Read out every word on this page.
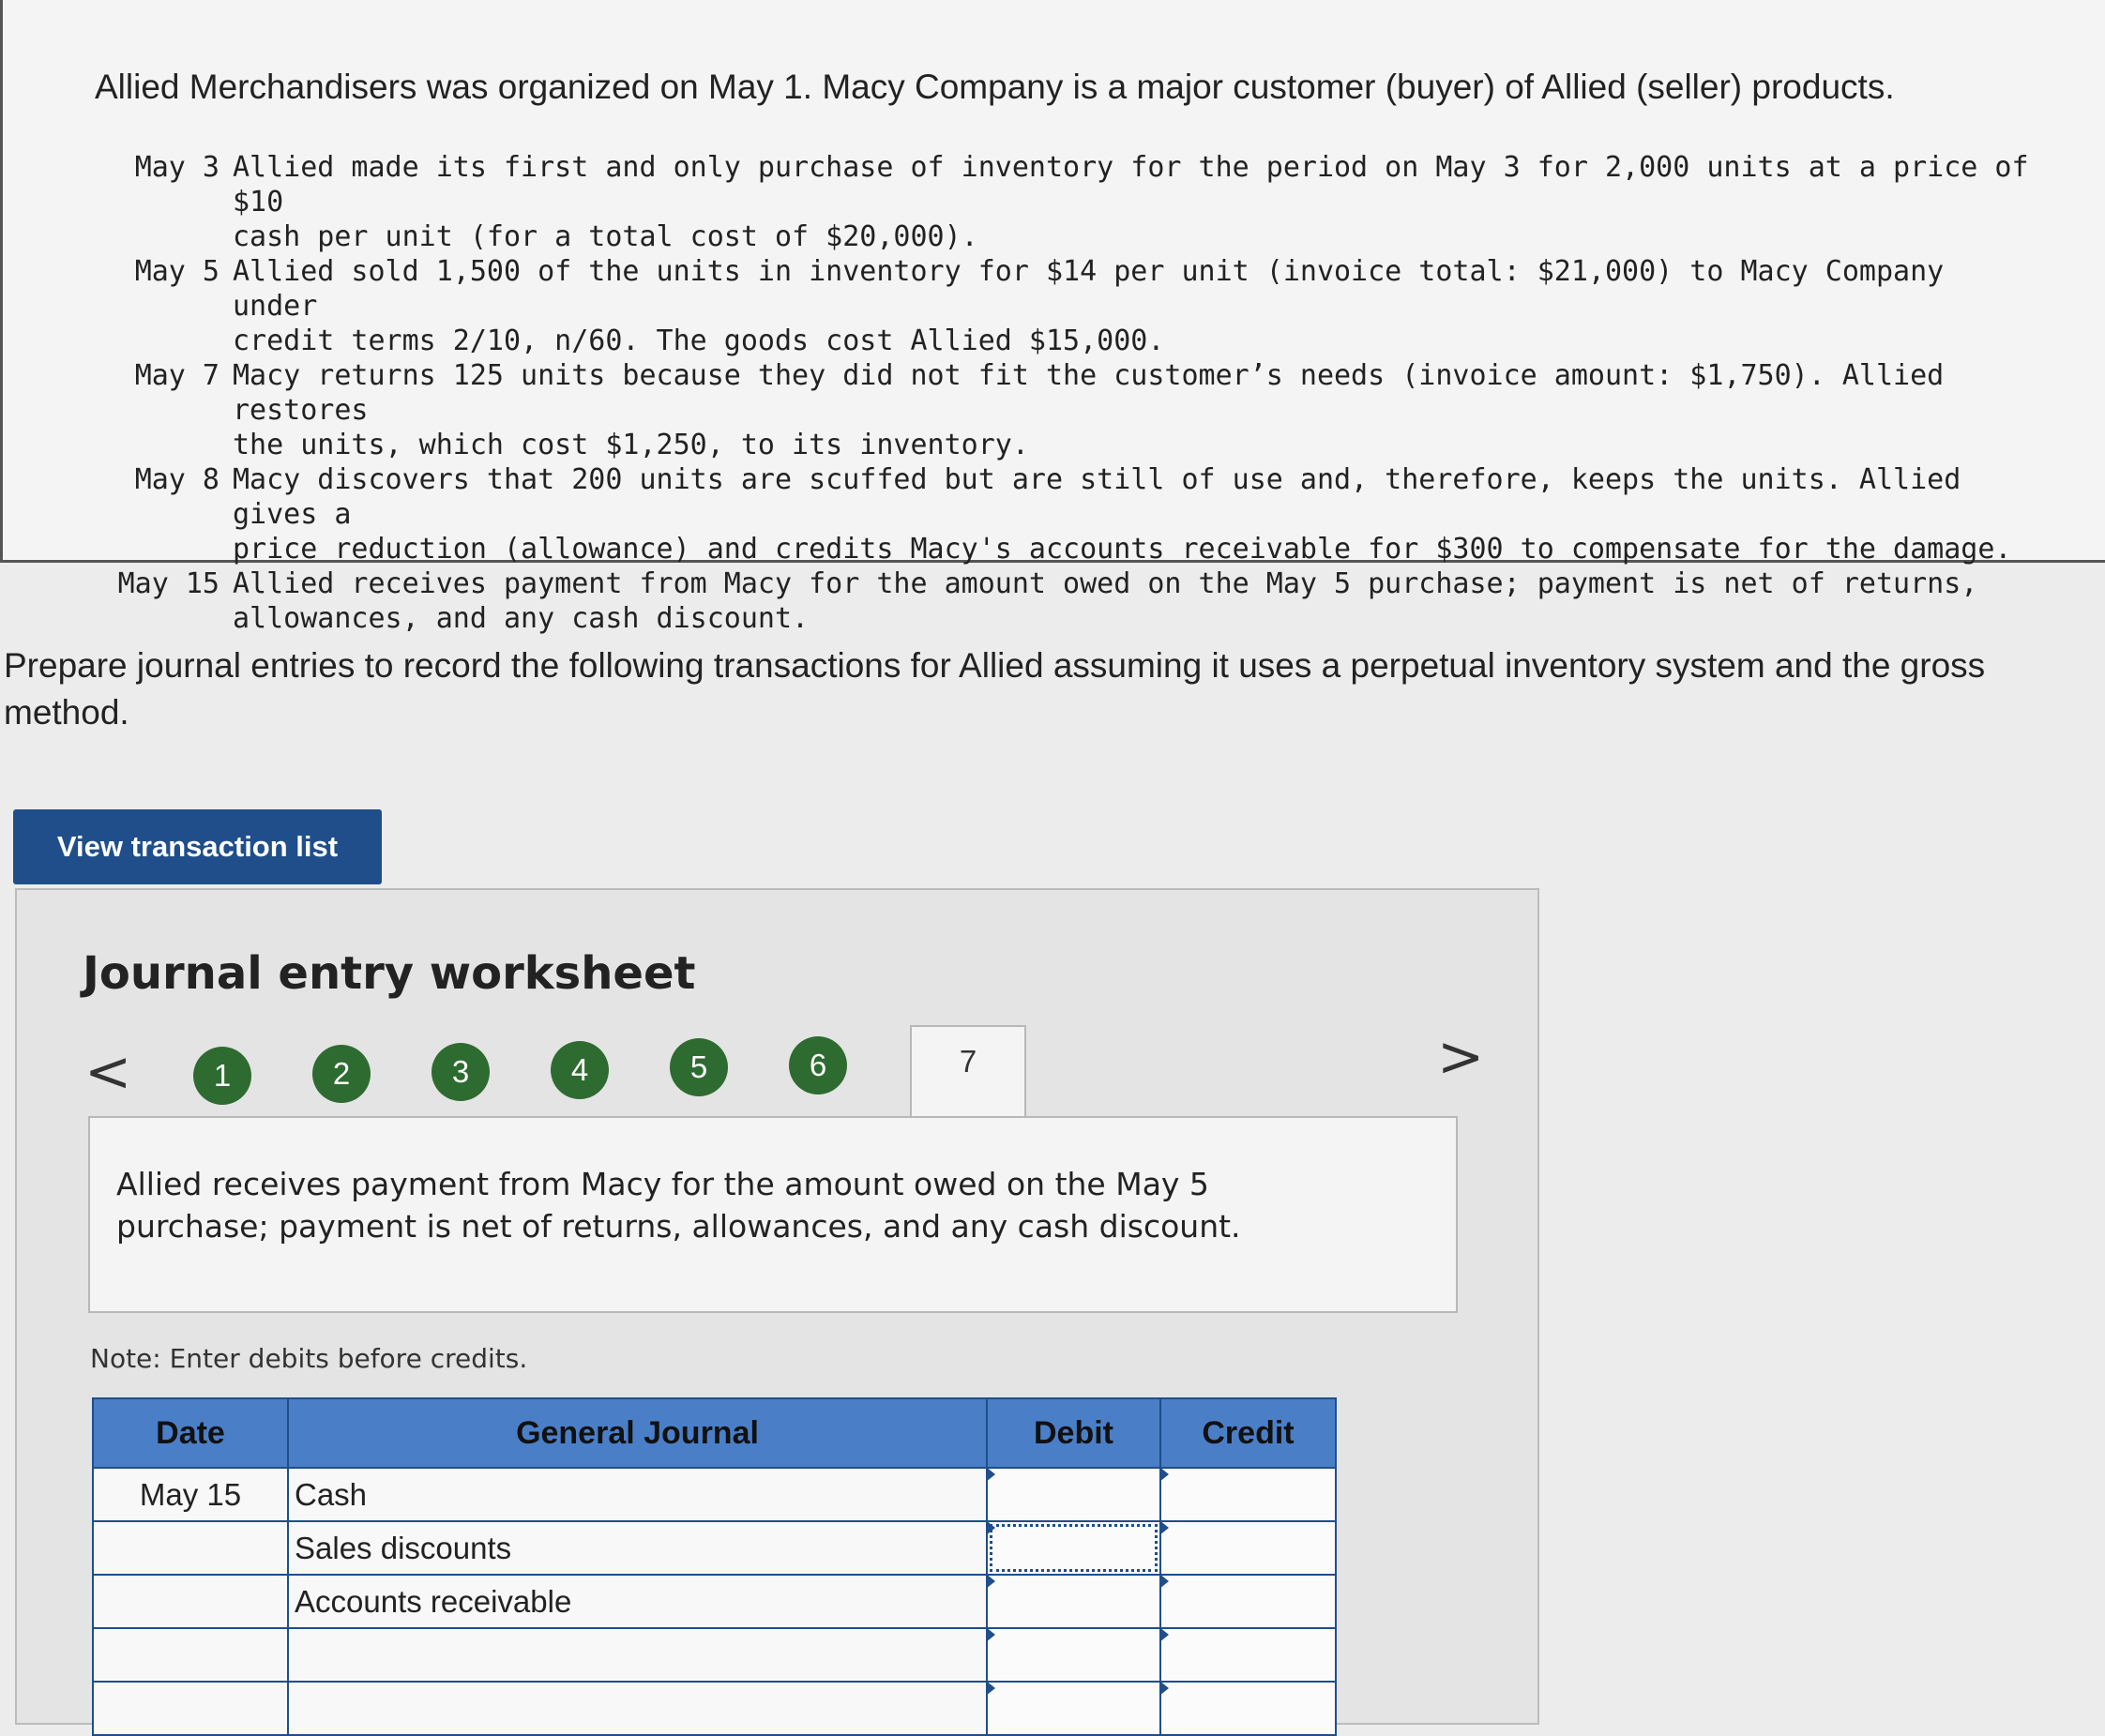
Allied Merchandisers was organized on May 1. Macy Company is a major customer (buyer) of Allied (seller) products.
May 3 Allied made its first and only purchase of inventory for the period on May 3 for 2,000 units at a price of $10
cash per unit (for a total cost of $20,000).
May 5 Allied sold 1,500 of the units in inventory for $14 per unit (invoice total: $21,000) to Macy Company under
credit terms 2/10, n/60. The goods cost Allied $15,000.
May 7 Macy returns 125 units because they did not fit the customer’s needs (invoice amount: $1,750). Allied restores
the units, which cost $1,250, to its inventory.
May 8 Macy discovers that 200 units are scuffed but are still of use and, therefore, keeps the units. Allied gives a
price reduction (allowance) and credits Macy's accounts receivable for $300 to compensate for the damage.
May 15 Allied receives payment from Macy for the amount owed on the May 5 purchase; payment is net of returns,
allowances, and any cash discount.
Prepare journal entries to record the following transactions for Allied assuming it uses a perpetual inventory system and the gross method.
View transaction list
Journal entry worksheet
<	1	2	3	4	5	6	7	>
Allied receives payment from Macy for the amount owed on the May 5 purchase; payment is net of returns, allowances, and any cash discount.
Note: Enter debits before credits.
Date	General Journal	Debit	Credit
May 15	Cash	

	Sales discounts	

	Accounts receivable	
